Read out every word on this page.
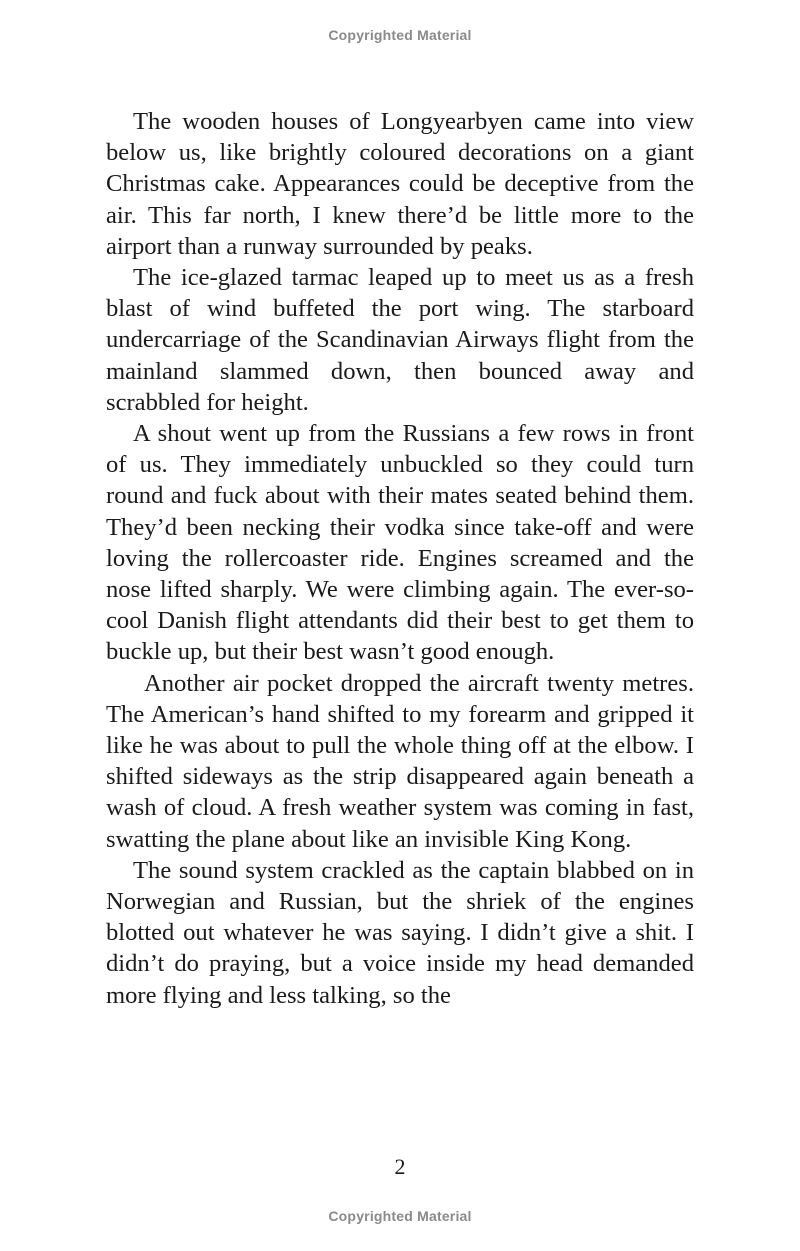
Copyrighted Material

The wooden houses of Longyearbyen came into view below us, like brightly coloured decorations on a giant Christmas cake. Appearances could be deceptive from the air. This far north, I knew there’d be little more to the airport than a runway surrounded by peaks.

The ice-glazed tarmac leaped up to meet us as a fresh blast of wind buffeted the port wing. The starboard undercarriage of the Scandinavian Airways flight from the mainland slammed down, then bounced away and scrabbled for height.

A shout went up from the Russians a few rows in front of us. They immediately unbuckled so they could turn round and fuck about with their mates seated behind them. They’d been necking their vodka since take-off and were loving the rollercoaster ride. Engines screamed and the nose lifted sharply. We were climbing again. The ever-so-cool Danish flight attendants did their best to get them to buckle up, but their best wasn’t good enough.

Another air pocket dropped the aircraft twenty metres. The American’s hand shifted to my forearm and gripped it like he was about to pull the whole thing off at the elbow. I shifted sideways as the strip disappeared again beneath a wash of cloud. A fresh weather system was coming in fast, swatting the plane about like an invisible King Kong.

The sound system crackled as the captain blabbed on in Norwegian and Russian, but the shriek of the engines blotted out whatever he was saying. I didn’t give a shit. I didn’t do praying, but a voice inside my head demanded more flying and less talking, so the

2
Copyrighted Material
